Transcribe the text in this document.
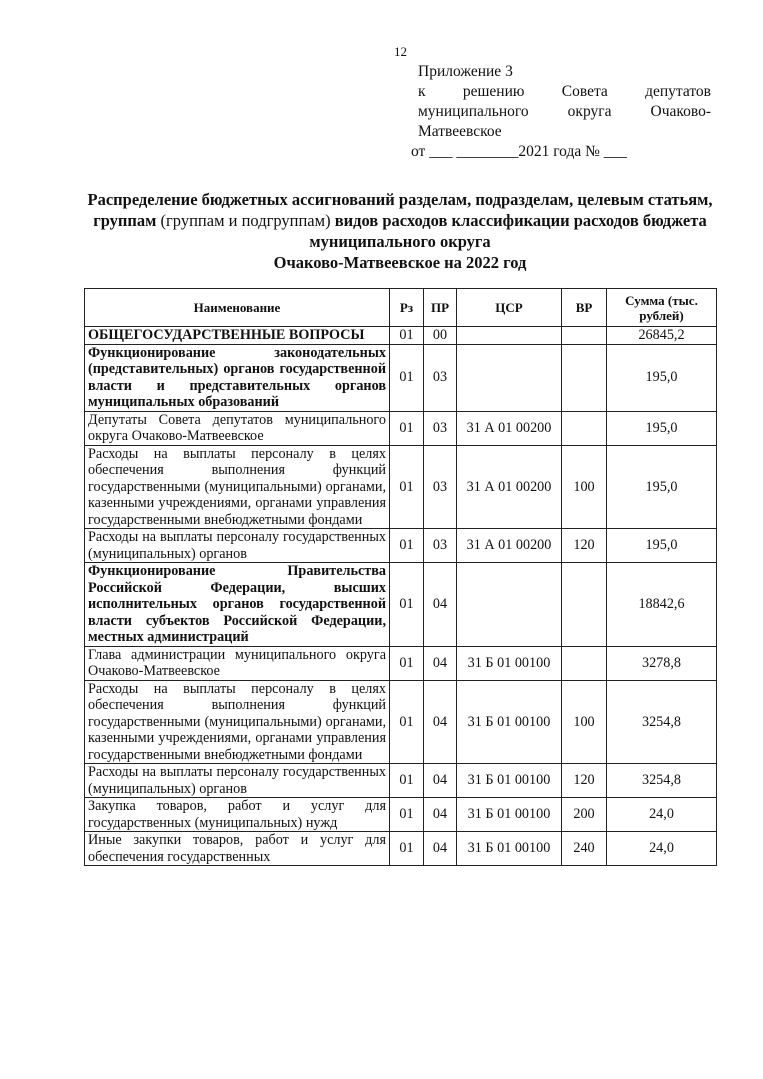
12
Приложение 3
к решению Совета депутатов
муниципального округа Очаково-
Матвеевское
от ___ ________2021 года № ___
Распределение бюджетных ассигнований разделам, подразделам, целевым статьям, группам (группам и подгруппам) видов расходов классификации расходов бюджета муниципального округа
Очаково-Матвеевское на 2022 год
Наименование	Рз	ПР	ЦСР	ВР	Сумма (тыс. рублей)
ОБЩЕГОСУДАРСТВЕННЫЕ ВОПРОСЫ	01	00			26845,2
Функционирование законодательных (представительных) органов государственной власти и представительных органов муниципальных образований	01	03			195,0
Депутаты Совета депутатов муниципального округа Очаково-Матвеевское	01	03	31 А 01 00200		195,0
Расходы на выплаты персоналу в целях обеспечения выполнения функций государственными (муниципальными) органами, казенными учреждениями, органами управления государственными внебюджетными фондами	01	03	31 А 01 00200	100	195,0
Расходы на выплаты персоналу государственных (муниципальных) органов	01	03	31 А 01 00200	120	195,0
Функционирование Правительства Российской Федерации, высших исполнительных органов государственной власти субъектов Российской Федерации, местных администраций	01	04			18842,6
Глава администрации муниципального округа Очаково-Матвеевское	01	04	31 Б 01 00100		3278,8
Расходы на выплаты персоналу в целях обеспечения выполнения функций государственными (муниципальными) органами, казенными учреждениями, органами управления государственными внебюджетными фондами	01	04	31 Б 01 00100	100	3254,8
Расходы на выплаты персоналу государственных (муниципальных) органов	01	04	31 Б 01 00100	120	3254,8
Закупка товаров, работ и услуг для государственных (муниципальных) нужд	01	04	31 Б 01 00100	200	24,0
Иные закупки товаров, работ и услуг для обеспечения государственных	01	04	31 Б 01 00100	240	24,0
